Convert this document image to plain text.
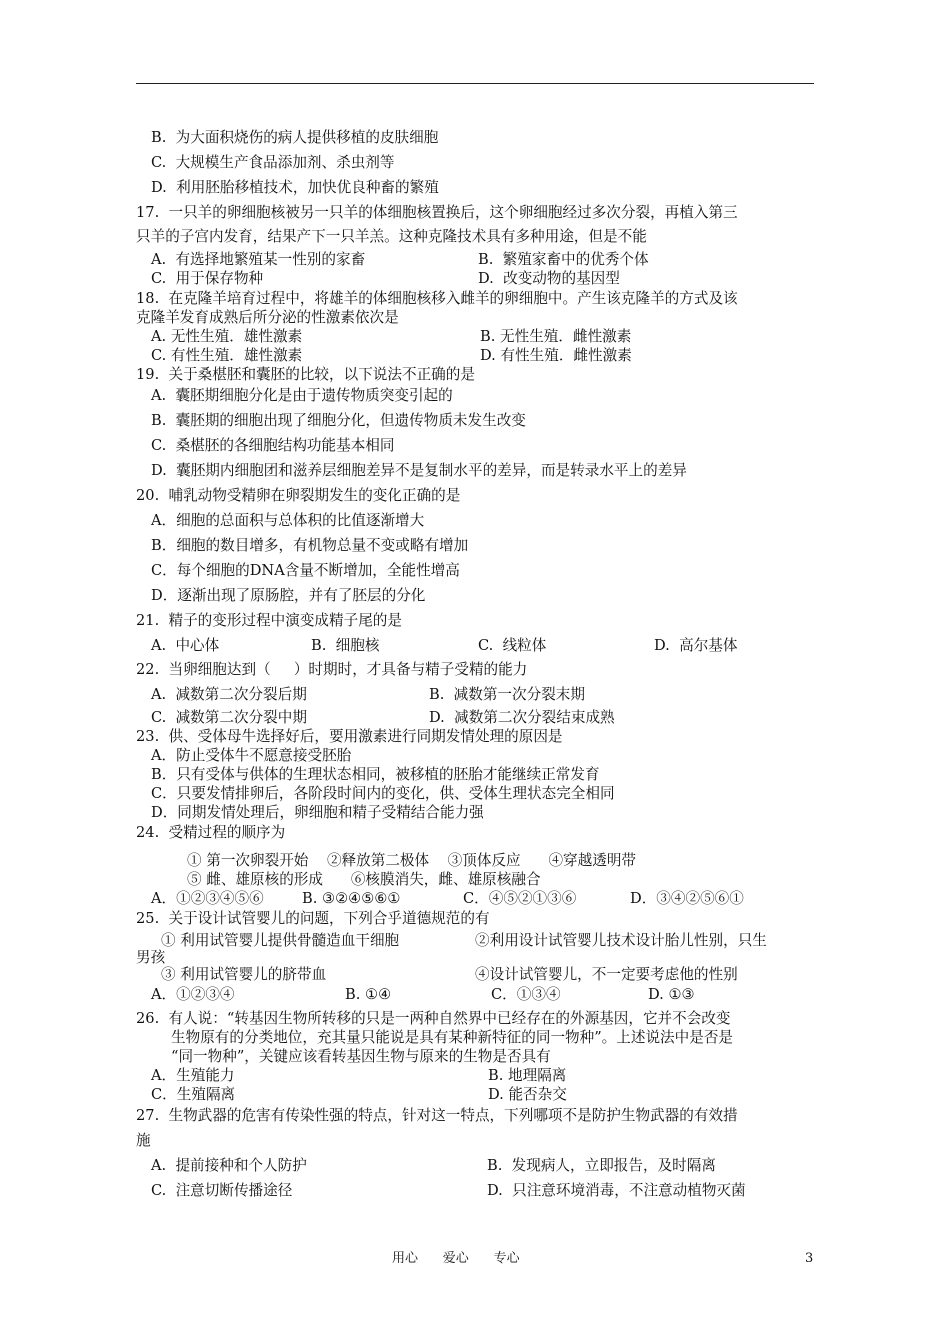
B.  为大面积烧伤的病人提供移植的皮肤细胞
C.  大规模生产食品添加剂、杀虫剂等
D.  利用胚胎移植技术，加快优良种畜的繁殖
17.  一只羊的卵细胞核被另一只羊的体细胞核置换后，这个卵细胞经过多次分裂，再植入第三
只羊的子宫内发育，结果产下一只羊羔。这种克隆技术具有多种用途，但是不能
A.  有选择地繁殖某一性别的家畜	B.  繁殖家畜中的优秀个体
C.  用于保存物种	D.  改变动物的基因型
18.  在克隆羊培育过程中，将雄羊的体细胞核移入雌羊的卵细胞中。产生该克隆羊的方式及该
克隆羊发育成熟后所分泌的性激素依次是
A. 无性生殖．雄性激素	B. 无性生殖．雌性激素
C. 有性生殖．雄性激素	D. 有性生殖．雌性激素
19.  关于桑椹胚和囊胚的比较，以下说法不正确的是
A.  囊胚期细胞分化是由于遗传物质突变引起的
B.  囊胚期的细胞出现了细胞分化，但遗传物质未发生改变
C.  桑椹胚的各细胞结构功能基本相同
D.  囊胚期内细胞团和滋养层细胞差异不是复制水平的差异，而是转录水平上的差异
20.  哺乳动物受精卵在卵裂期发生的变化正确的是
A．细胞的总面积与总体积的比值逐渐增大
B．细胞的数目增多，有机物总量不变或略有增加
C．每个细胞的DNA含量不断增加，全能性增高
D．逐渐出现了原肠腔，并有了胚层的分化
21.  精子的变形过程中演变成精子尾的是
A.  中心体	B.  细胞核	C.  线粒体	D.  高尔基体
22.  当卵细胞达到（     ）时期时，才具备与精子受精的能力
A.  减数第二次分裂后期	B.  减数第一次分裂末期
C.  减数第二次分裂中期	D.  减数第二次分裂结束成熟
23.  供、受体母牛选择好后，要用激素进行同期发情处理的原因是
A．防止受体牛不愿意接受胚胎
B．只有受体与供体的生理状态相同，被移植的胚胎才能继续正常发育
C．只要发情排卵后，各阶段时间内的变化，供、受体生理状态完全相同
D．同期发情处理后，卵细胞和精子受精结合能力强
24.  受精过程的顺序为
① 第一次卵裂开始    ②释放第二极体    ③顶体反应      ④穿越透明带
⑤ 雌、雄原核的形成      ⑥核膜消失，雌、雄原核融合
A．①②③④⑤⑥	B. ③②④⑤⑥①	C．④⑤②①③⑥	D．③④②⑤⑥①
25.  关于设计试管婴儿的问题，下列合乎道德规范的有
① 利用试管婴儿提供骨髓造血干细胞	②利用设计试管婴儿技术设计胎儿性别，只生
男孩
③ 利用试管婴儿的脐带血	④设计试管婴儿，不一定要考虑他的性别
A．①②③④	B. ①④	C．①③④	D. ①③
26.  有人说：“转基因生物所转移的只是一两种自然界中已经存在的外源基因，它并不会改变
生物原有的分类地位，充其量只能说是具有某种新特征的同一物种”。上述说法中是否是
“同一物种”，关键应该看转基因生物与原来的生物是否具有
A．生殖能力	B. 地理隔离
C．生殖隔离	D. 能否杂交
27.  生物武器的危害有传染性强的特点，针对这一特点，下列哪项不是防护生物武器的有效措
施
A.  提前接种和个人防护	B.  发现病人，立即报告，及时隔离
C.  注意切断传播途径	D.  只注意环境消毒，不注意动植物灭菌
用心      爱心      专心	3
